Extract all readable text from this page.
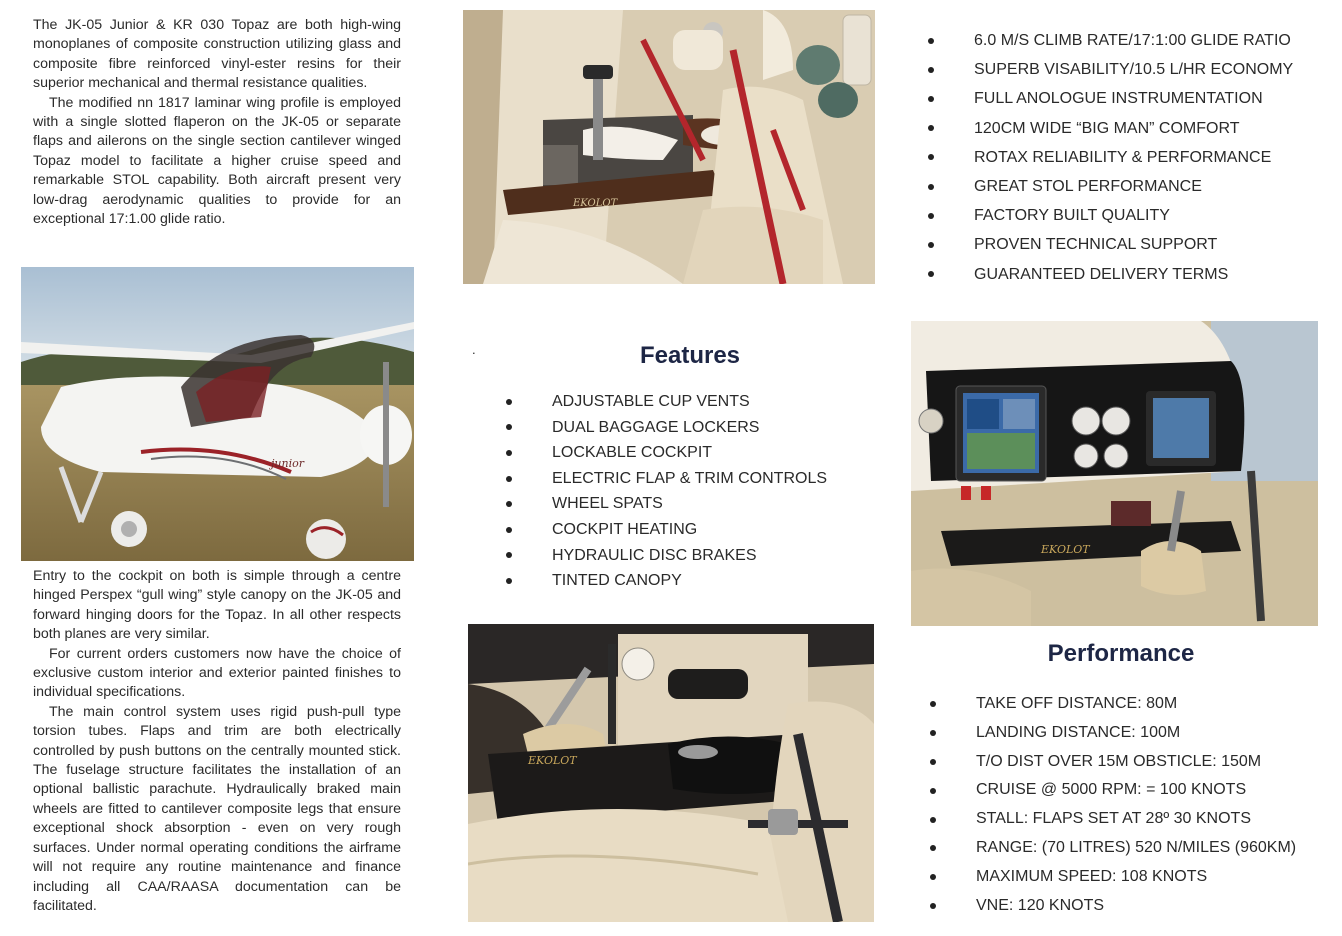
The JK-05 Junior & KR 030 Topaz are both high-wing monoplanes of composite construction utilizing glass and composite fibre reinforced vinyl-ester resins for their superior mechanical and thermal resistance qualities.

The modified nn 1817 laminar wing profile is employed with a single slotted flaperon on the JK-05 or separate flaps and ailerons on the single section cantilever winged Topaz model to facilitate a higher cruise speed and remarkable STOL capability. Both aircraft present very low-drag aerodynamic qualities to provide for an exceptional 17:1.00 glide ratio.

junior

Entry to the cockpit on both is simple through a centre hinged Perspex “gull wing” style canopy on the JK-05 and forward hinging doors for the Topaz. In all other respects both planes are very similar.

For current orders customers now have the choice of exclusive custom interior and exterior painted finishes to individual specifications.

The main control system uses rigid push-pull type torsion tubes. Flaps and trim are both electrically controlled by push buttons on the centrally mounted stick. The fuselage structure facilitates the installation of an optional ballistic parachute. Hydraulically braked main wheels are fitted to cantilever composite legs that ensure exceptional shock absorption - even on very rough surfaces. Under normal operating conditions the airframe will not require any routine maintenance and finance including all CAA/RAASA documentation can be facilitated.

EKOLOT
.	Features
ADJUSTABLE CUP VENTS
DUAL BAGGAGE LOCKERS
LOCKABLE COCKPIT
ELECTRIC FLAP & TRIM CONTROLS
WHEEL SPATS
COCKPIT HEATING
HYDRAULIC DISC BRAKES
TINTED CANOPY
EKOLOT
6.0 M/S CLIMB RATE/17:1:00 GLIDE RATIO
SUPERB VISABILITY/10.5 L/HR ECONOMY
FULL ANOLOGUE INSTRUMENTATION
120CM WIDE “BIG MAN” COMFORT
ROTAX RELIABILITY & PERFORMANCE
GREAT STOL PERFORMANCE
FACTORY BUILT QUALITY
PROVEN TECHNICAL SUPPORT
GUARANTEED DELIVERY TERMS
EKOLOT
Performance
TAKE OFF DISTANCE: 80M
LANDING DISTANCE: 100M
T/O DIST OVER 15M OBSTICLE: 150M
CRUISE @ 5000 RPM: = 100 KNOTS
STALL: FLAPS SET AT 28º 30 KNOTS
RANGE: (70 LITRES) 520 N/MILES (960KM)
MAXIMUM SPEED: 108 KNOTS
VNE: 120 KNOTS
